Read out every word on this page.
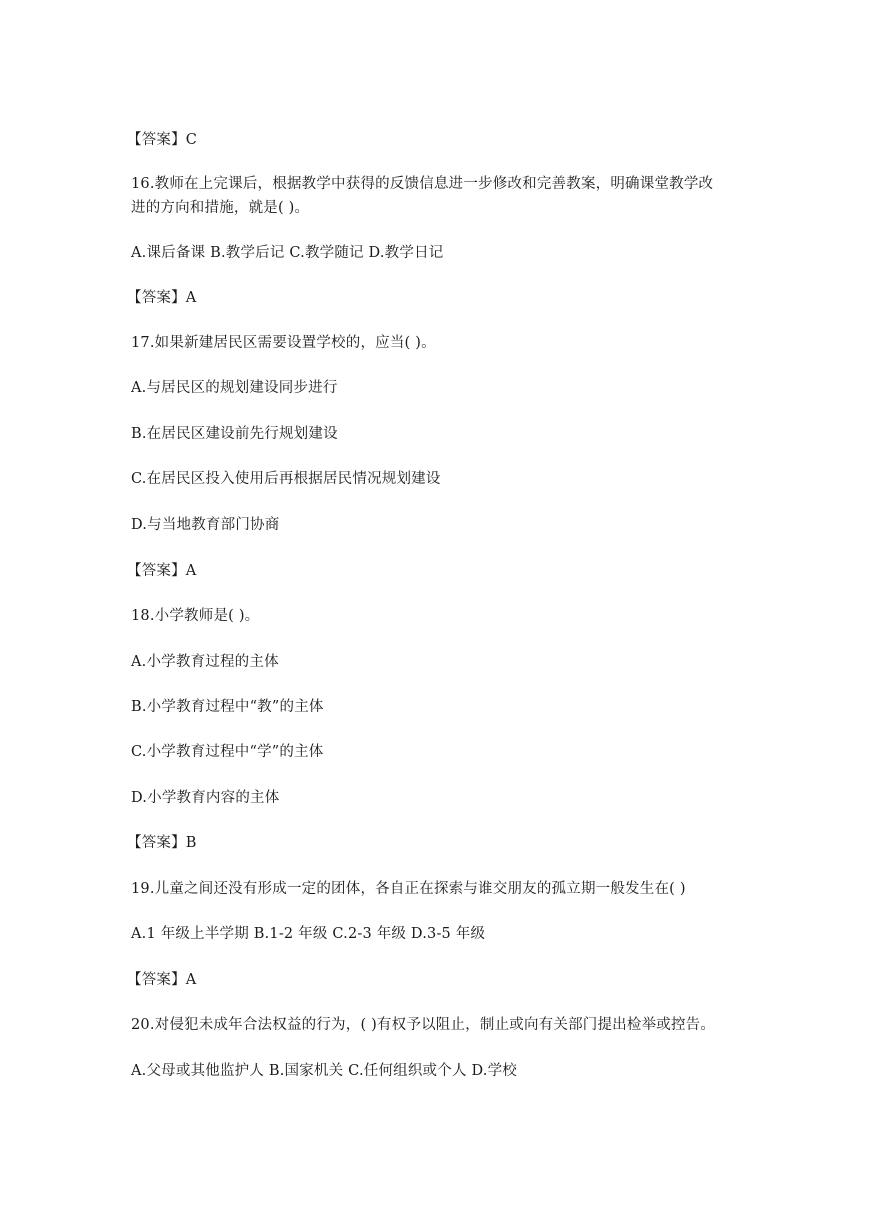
【答案】C

16.教师在上完课后，根据教学中获得的反馈信息进一步修改和完善教案，明确课堂教学改

进的方向和措施，就是( )。

A.课后备课 B.教学后记 C.教学随记 D.教学日记

【答案】A

17.如果新建居民区需要设置学校的，应当( )。

A.与居民区的规划建设同步进行

B.在居民区建设前先行规划建设

C.在居民区投入使用后再根据居民情况规划建设

D.与当地教育部门协商

【答案】A

18.小学教师是( )。

A.小学教育过程的主体

B.小学教育过程中“教”的主体

C.小学教育过程中“学”的主体

D.小学教育内容的主体

【答案】B

19.儿童之间还没有形成一定的团体，各自正在探索与谁交朋友的孤立期一般发生在( )

A.1 年级上半学期 B.1-2 年级 C.2-3 年级 D.3-5 年级

【答案】A

20.对侵犯未成年合法权益的行为，( )有权予以阻止，制止或向有关部门提出检举或控告。

A.父母或其他监护人 B.国家机关 C.任何组织或个人 D.学校
